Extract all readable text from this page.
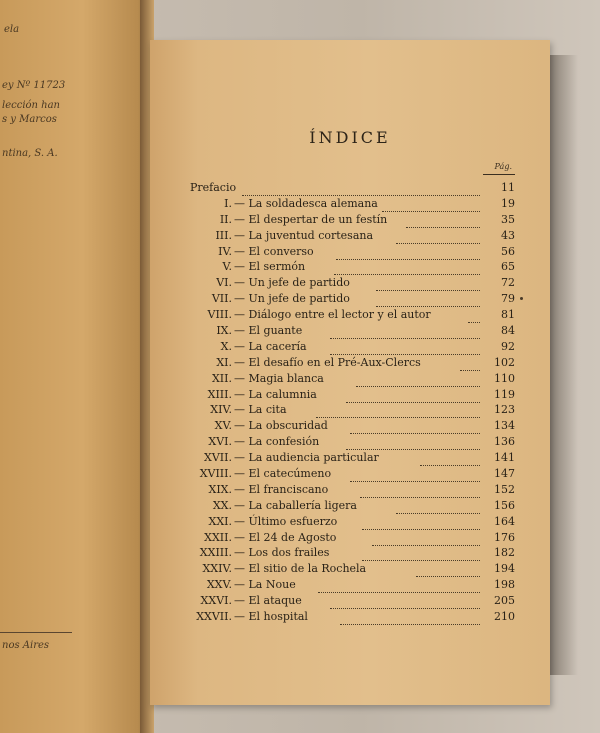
ela
ey Nº 11723
lección han
s y Marcos
ntina, S. A.
nos Aires
ÍNDICE
Pág.
Prefacio	11
I. — La soldadesca alemana	19
II. — El despertar de un festín	35
III. — La juventud cortesana	43
IV. — El converso	56
V. — El sermón	65
VI. — Un jefe de partido	72
VII. — Un jefe de partido	79
VIII. — Diálogo entre el lector y el autor	81
IX. — El guante	84
X. — La cacería	92
XI. — El desafío en el Pré-Aux-Clercs	102
XII. — Magia blanca	110
XIII. — La calumnia	119
XIV. — La cita	123
XV. — La obscuridad	134
XVI. — La confesión	136
XVII. — La audiencia particular	141
XVIII. — El catecúmeno	147
XIX. — El franciscano	152
XX. — La caballería ligera	156
XXI. — Último esfuerzo	164
XXII. — El 24 de Agosto	176
XXIII. — Los dos frailes	182
XXIV. — El sitio de la Rochela	194
XXV. — La Noue	198
XXVI. — El ataque	205
XXVII. — El hospital	210
